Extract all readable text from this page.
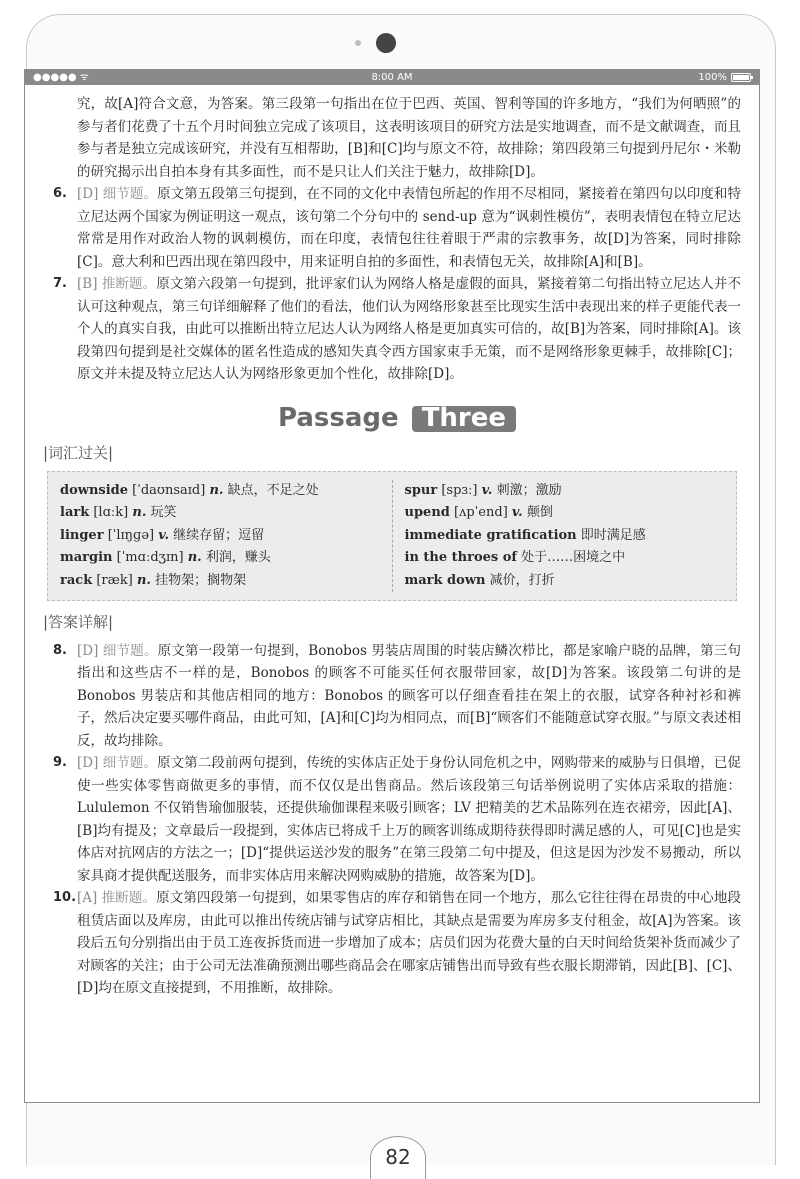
●●●●● ᯤ	8:00 AM	100%

究，故[A]符合文意，为答案。第三段第一句指出在位于巴西、英国、智利等国的许多地方，“我们为何晒照”的参与者们花费了十五个月时间独立完成了该项目，这表明该项目的研究方法是实地调查，而不是文献调查，而且参与者是独立完成该研究，并没有互相帮助，[B]和[C]均与原文不符，故排除；第四段第三句提到丹尼尔・米勒的研究揭示出自拍本身有其多面性，而不是只让人们关注于魅力，故排除[D]。

6. [D] 细节题。原文第五段第三句提到，在不同的文化中表情包所起的作用不尽相同，紧接着在第四句以印度和特立尼达两个国家为例证明这一观点，该句第二个分句中的 send-up 意为“讽刺性模仿”，表明表情包在特立尼达常常是用作对政治人物的讽刺模仿，而在印度，表情包往往着眼于严肃的宗教事务，故[D]为答案，同时排除[C]。意大利和巴西出现在第四段中，用来证明自拍的多面性，和表情包无关，故排除[A]和[B]。

7. [B] 推断题。原文第六段第一句提到，批评家们认为网络人格是虚假的面具，紧接着第二句指出特立尼达人并不认可这种观点，第三句详细解释了他们的看法，他们认为网络形象甚至比现实生活中表现出来的样子更能代表一个人的真实自我，由此可以推断出特立尼达人认为网络人格是更加真实可信的，故[B]为答案，同时排除[A]。该段第四句提到是社交媒体的匿名性造成的感知失真令西方国家束手无策，而不是网络形象更棘手，故排除[C]；原文并未提及特立尼达人认为网络形象更加个性化，故排除[D]。

Passage Three
|词汇过关|
downside [ˈdaʊnsaɪd] n. 缺点，不足之处
lark [lɑːk] n. 玩笑
linger [ˈlɪŋɡə] v. 继续存留；逗留
margin [ˈmɑːdʒɪn] n. 利润，赚头
rack [ræk] n. 挂物架；搁物架
spur [spɜː] v. 刺激；激励
upend [ʌpˈend] v. 颠倒
immediate gratification 即时满足感
in the throes of 处于……困境之中
mark down 减价，打折
|答案详解|

8. [D] 细节题。原文第一段第一句提到，Bonobos 男装店周围的时装店鳞次栉比，都是家喻户晓的品牌，第三句指出和这些店不一样的是，Bonobos 的顾客不可能买任何衣服带回家，故[D]为答案。该段第二句讲的是 Bonobos 男装店和其他店相同的地方：Bonobos 的顾客可以仔细查看挂在架上的衣服，试穿各种衬衫和裤子，然后决定要买哪件商品，由此可知，[A]和[C]均为相同点，而[B]“顾客们不能随意试穿衣服。”与原文表述相反，故均排除。

9. [D] 细节题。原文第二段前两句提到，传统的实体店正处于身份认同危机之中，网购带来的威胁与日俱增，已促使一些实体零售商做更多的事情，而不仅仅是出售商品。然后该段第三句话举例说明了实体店采取的措施：Lululemon 不仅销售瑜伽服装，还提供瑜伽课程来吸引顾客；LV 把精美的艺术品陈列在连衣裙旁，因此[A]、[B]均有提及；文章最后一段提到，实体店已将成千上万的顾客训练成期待获得即时满足感的人，可见[C]也是实体店对抗网店的方法之一；[D]“提供运送沙发的服务”在第三段第二句中提及，但这是因为沙发不易搬动，所以家具商才提供配送服务，而非实体店用来解决网购威胁的措施，故答案为[D]。

10. [A] 推断题。原文第四段第一句提到，如果零售店的库存和销售在同一个地方，那么它往往得在昂贵的中心地段租赁店面以及库房，由此可以推出传统店铺与试穿店相比，其缺点是需要为库房多支付租金，故[A]为答案。该段后五句分别指出由于员工连夜拆货而进一步增加了成本；店员们因为花费大量的白天时间给货架补货而减少了对顾客的关注；由于公司无法准确预测出哪些商品会在哪家店铺售出而导致有些衣服长期滞销，因此[B]、[C]、[D]均在原文直接提到，不用推断，故排除。

82
